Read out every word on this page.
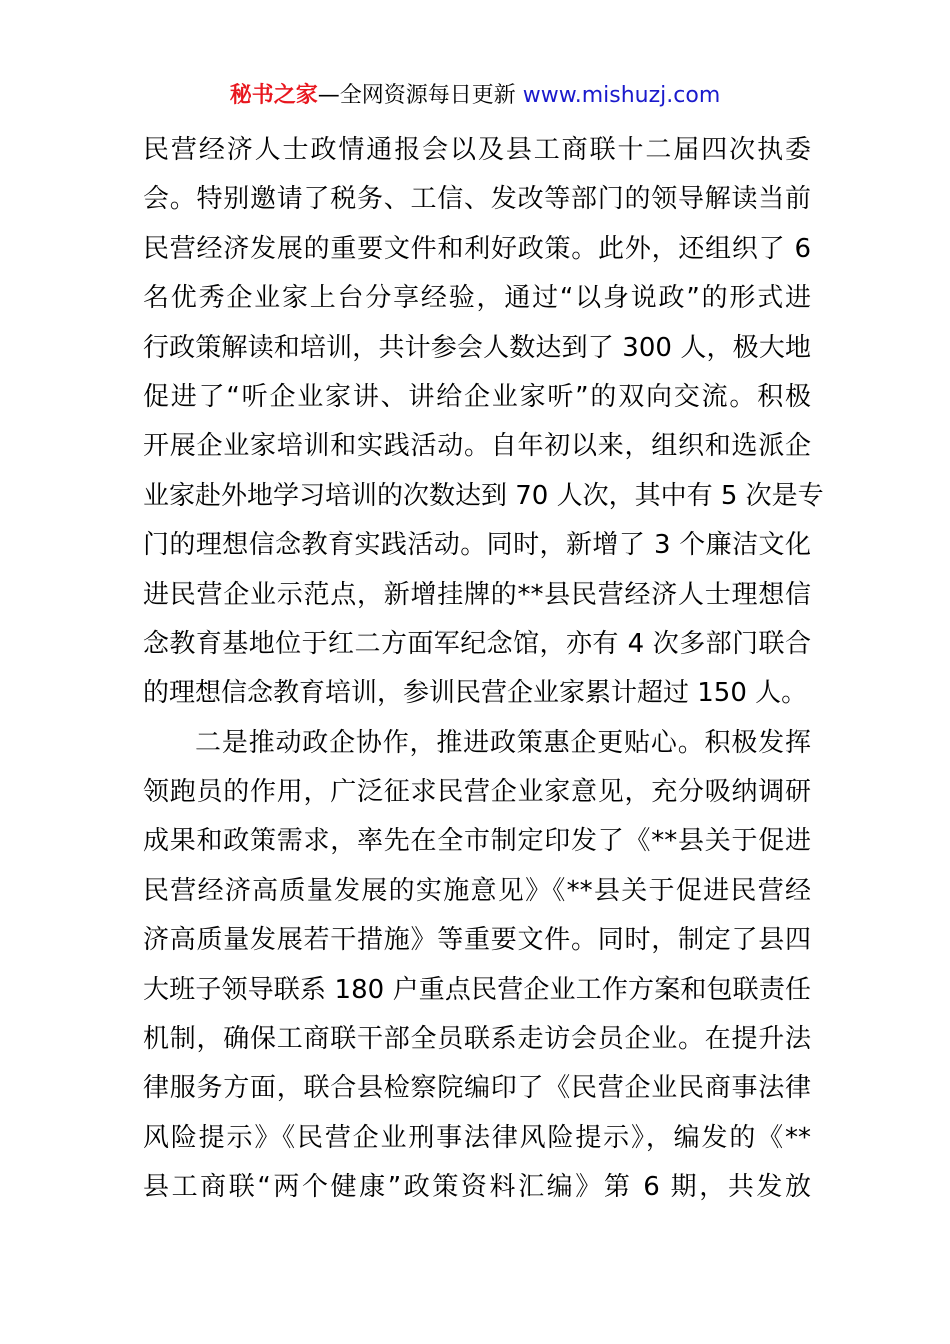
秘书之家—全网资源每日更新 www.mishuzj.com
民营经济人士政情通报会以及县工商联十二届四次执委
会。特别邀请了税务、工信、发改等部门的领导解读当前
民营经济发展的重要文件和利好政策。此外，还组织了 6
名优秀企业家上台分享经验，通过“以身说政”的形式进
行政策解读和培训，共计参会人数达到了 300 人，极大地
促进了“听企业家讲、讲给企业家听”的双向交流。积极
开展企业家培训和实践活动。自年初以来，组织和选派企
业家赴外地学习培训的次数达到 70 人次，其中有 5 次是专
门的理想信念教育实践活动。同时，新增了 3 个廉洁文化
进民营企业示范点，新增挂牌的**县民营经济人士理想信
念教育基地位于红二方面军纪念馆，亦有 4 次多部门联合
的理想信念教育培训，参训民营企业家累计超过 150 人。
二是推动政企协作，推进政策惠企更贴心。积极发挥
领跑员的作用，广泛征求民营企业家意见，充分吸纳调研
成果和政策需求，率先在全市制定印发了《**县关于促进
民营经济高质量发展的实施意见》《**县关于促进民营经
济高质量发展若干措施》等重要文件。同时，制定了县四
大班子领导联系 180 户重点民营企业工作方案和包联责任
机制，确保工商联干部全员联系走访会员企业。在提升法
律服务方面，联合县检察院编印了《民营企业民商事法律
风险提示》《民营企业刑事法律风险提示》，编发的《**
县工商联“两个健康”政策资料汇编》第 6 期，共发放
